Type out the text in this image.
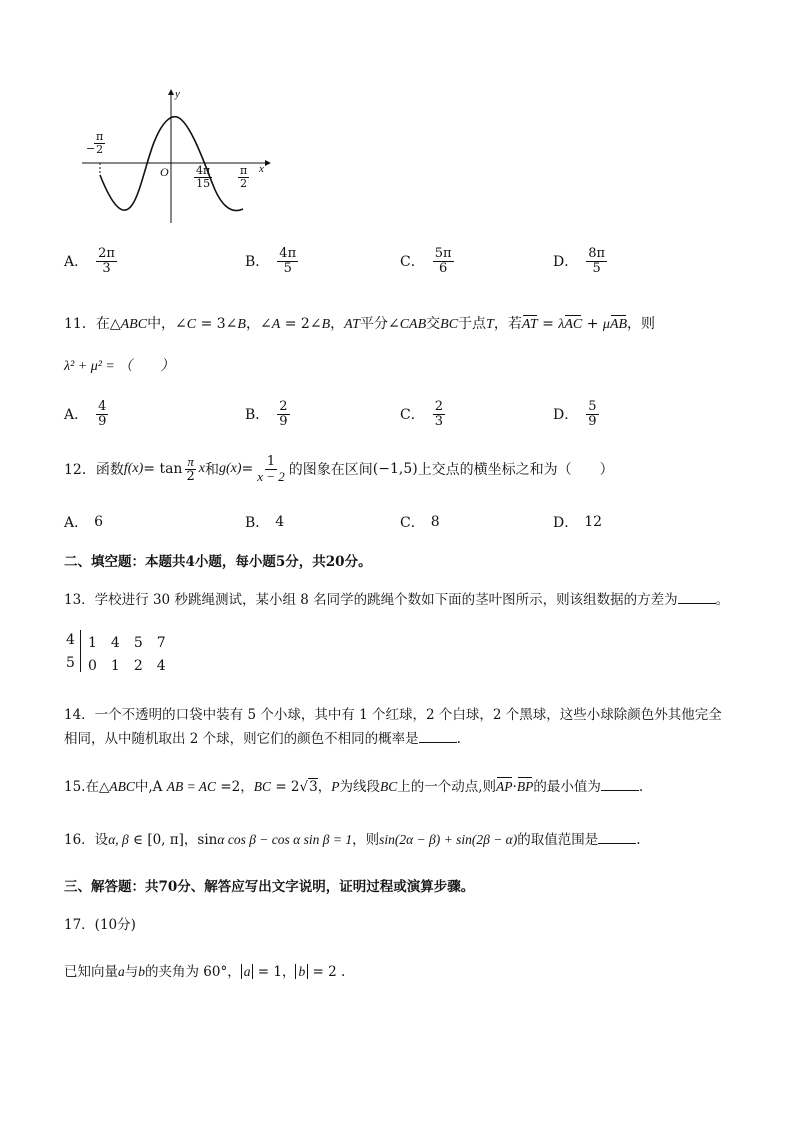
y
x
O
−
$\frac{\pi}{2}$
$\frac{4\pi}{15} \frac{\pi}{2}$
A． $\frac{2\pi}{3}$	B． $\frac{4\pi}{5}$	C． $\frac{5\pi}{6}$	D． $\frac{8\pi}{5}$
11．在△ABC中，∠C = 3∠B，∠A = 2∠B，AT平分∠CAB交BC于点T，若AT = λAC + μAB，则
λ² + μ² = （　　）
A． $\frac{4}{9}$	B． $\frac{2}{9}$	C． $\frac{2}{3}$	D． $\frac{5}{9}$
12． 函数 $f(x) = \tan \frac{\pi}{2}$ x 和 $g(x) = \frac{1}{x - 2}$ 的图象在区间 (−1,5) 上交点的横坐标之和为（　　）
A． 6	B． 4	C． 8	D． 12
二、填空题：本题共4小题，每小题5分，共20分。
13．学校进行 30 秒跳绳测试，某小组 8 名同学的跳绳个数如下面的茎叶图所示，则该组数据的方差为	。
4 1　4　5　7
5 0　1　2　4
14．一个不透明的口袋中装有 5 个小球，其中有 1 个红球，2 个白球，2 个黑球，这些小球除颜色外其他完全
相同，从中随机取出 2 个球，则它们的颜色不相同的概率是	.
15.在△ABC中,A AB = AC =2，BC = 2√3，P为线段BC上的一个动点,则AP·BP的最小值为	.
16．设α, β ∈ [0, π]，sinα cos β − cos α sin β = 1，则sin(2α − β) + sin(2β − α)的取值范围是	.
三、解答题：共70分、解答应写出文字说明，证明过程或演算步骤。
17．(10分)
已知向量a与b的夹角为 60°， a = 1， b = 2 .
